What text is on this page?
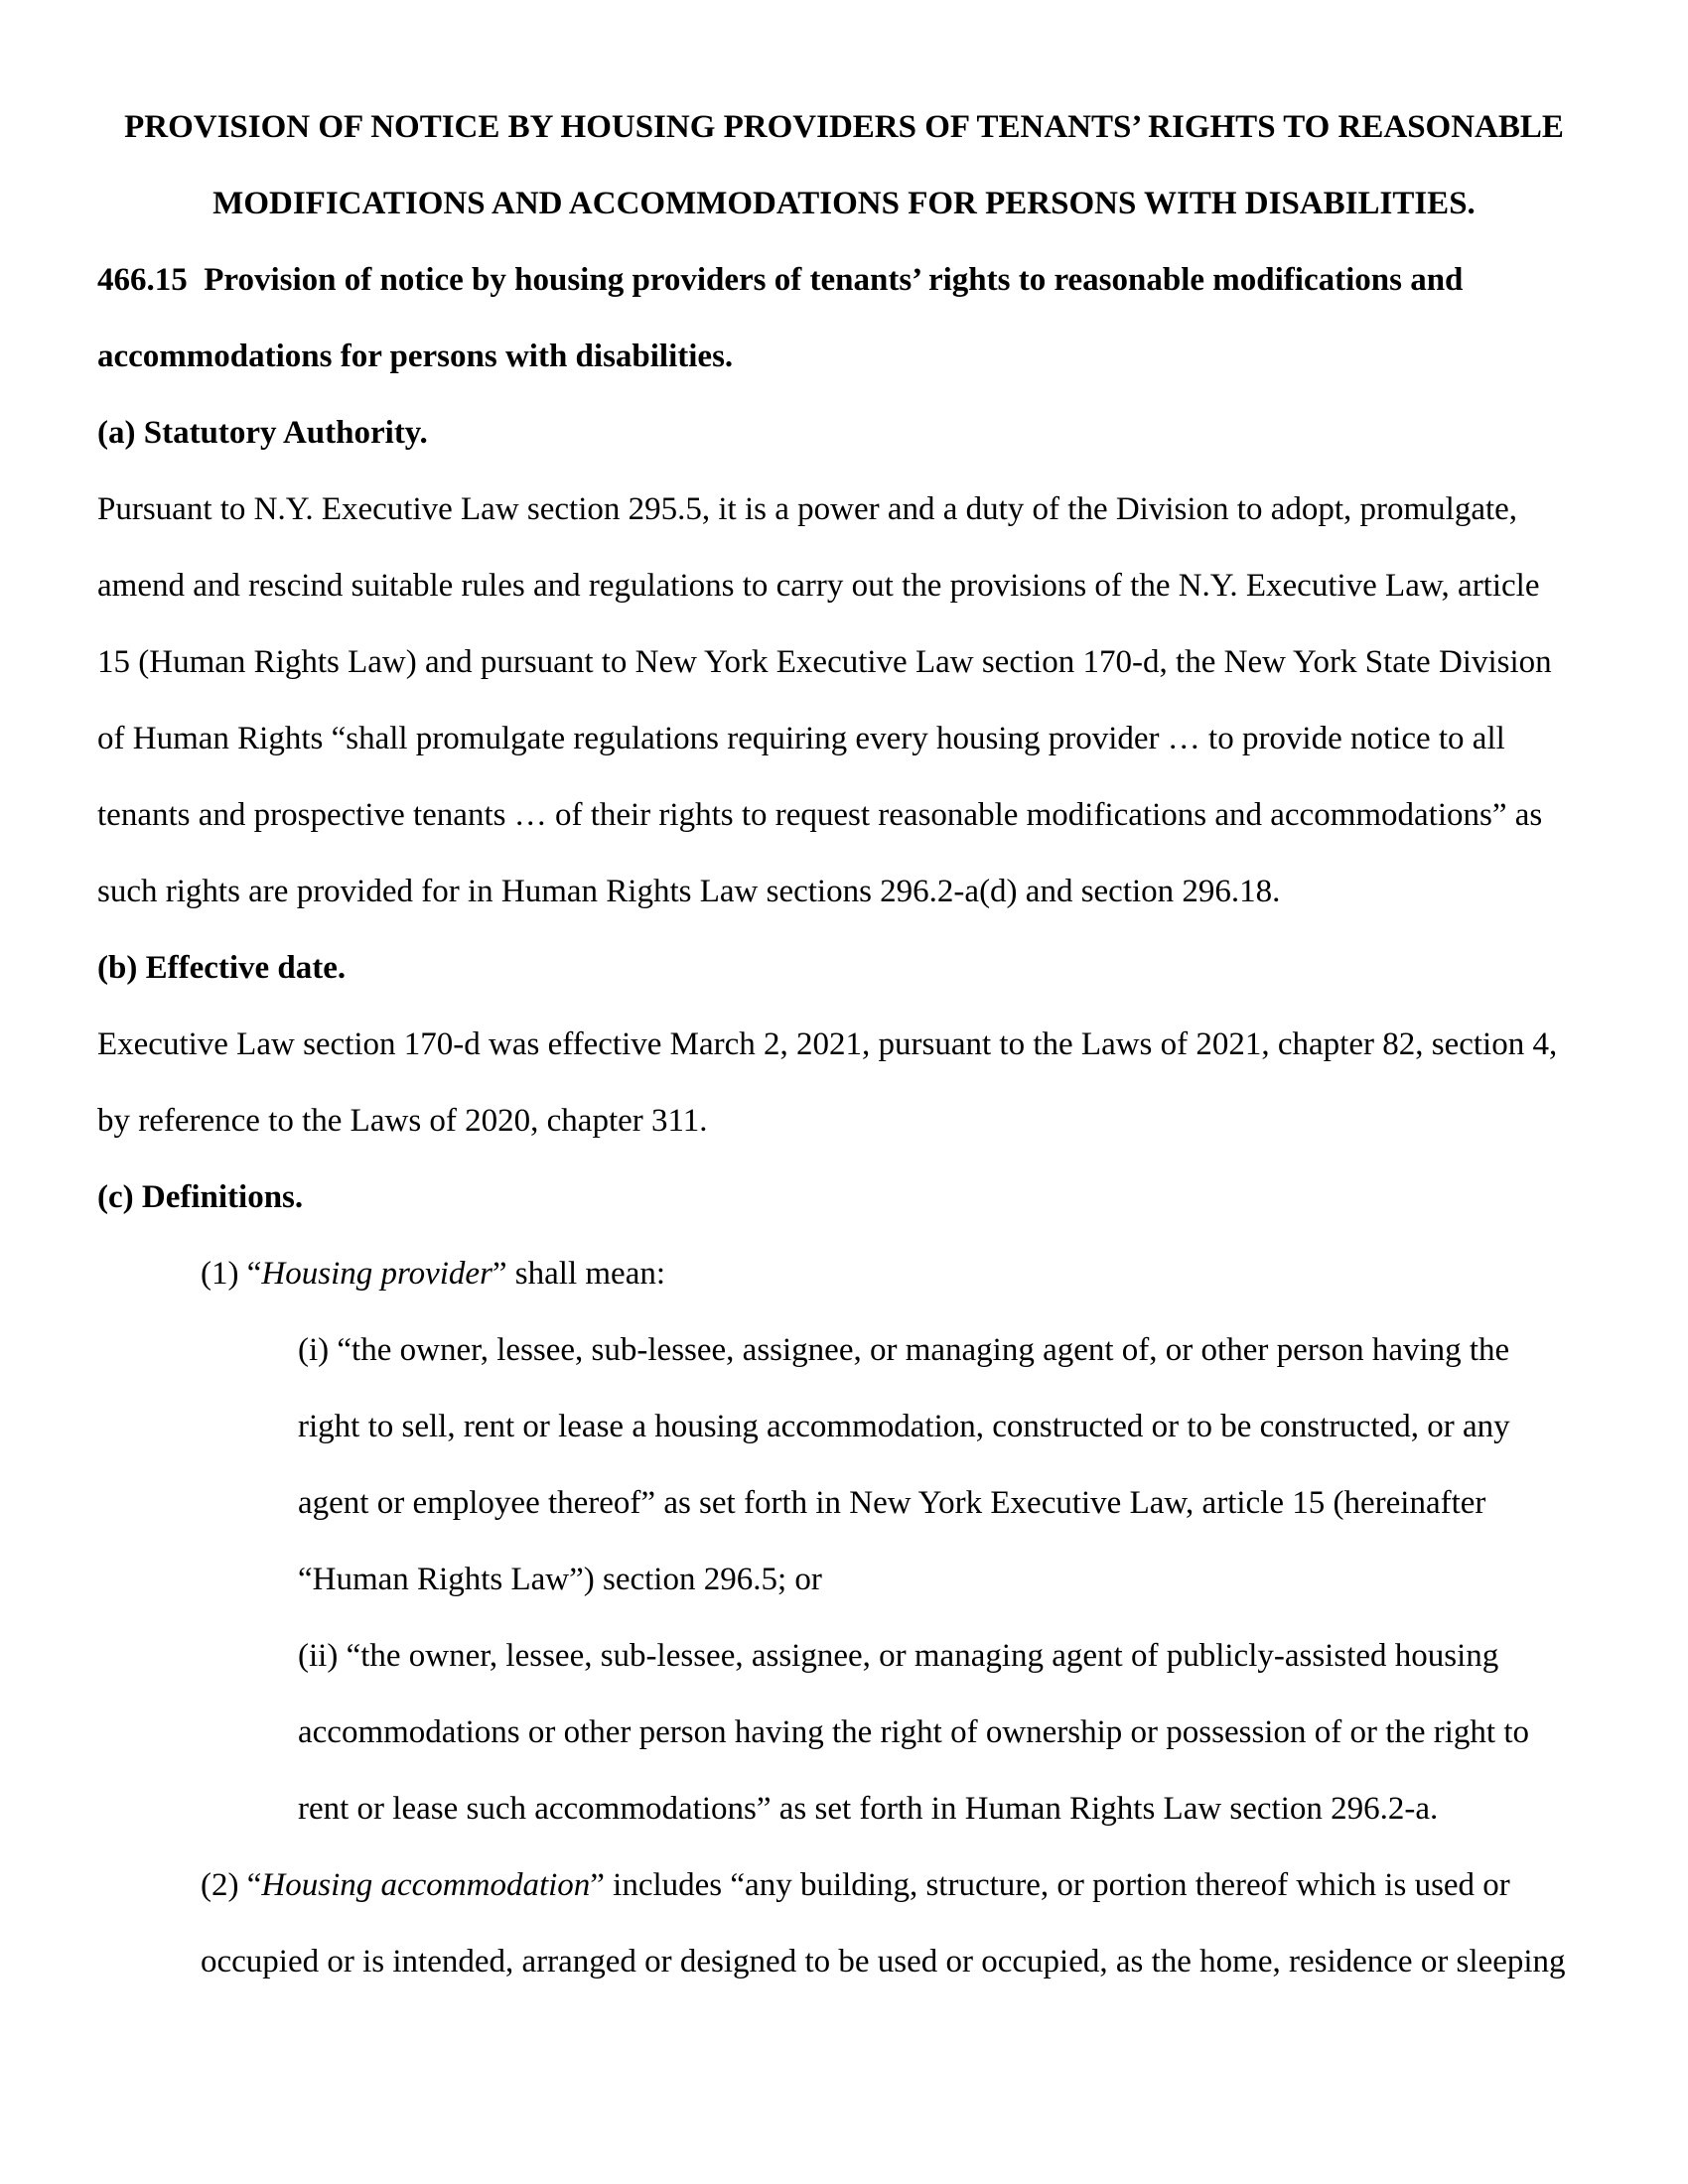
PROVISION OF NOTICE BY HOUSING PROVIDERS OF TENANTS’ RIGHTS TO REASONABLE
MODIFICATIONS AND ACCOMMODATIONS FOR PERSONS WITH DISABILITIES.
466.15  Provision of notice by housing providers of tenants’ rights to reasonable modifications and
accommodations for persons with disabilities.
(a) Statutory Authority.
Pursuant to N.Y. Executive Law section 295.5, it is a power and a duty of the Division to adopt, promulgate,
amend and rescind suitable rules and regulations to carry out the provisions of the N.Y. Executive Law, article
15 (Human Rights Law) and pursuant to New York Executive Law section 170-d, the New York State Division
of Human Rights “shall promulgate regulations requiring every housing provider … to provide notice to all
tenants and prospective tenants … of their rights to request reasonable modifications and accommodations” as
such rights are provided for in Human Rights Law sections 296.2-a(d) and section 296.18.
(b) Effective date.
Executive Law section 170-d was effective March 2, 2021, pursuant to the Laws of 2021, chapter 82, section 4,
by reference to the Laws of 2020, chapter 311.
(c) Definitions.
(1) “Housing provider” shall mean:
(i) “the owner, lessee, sub-lessee, assignee, or managing agent of, or other person having the
right to sell, rent or lease a housing accommodation, constructed or to be constructed, or any
agent or employee thereof” as set forth in New York Executive Law, article 15 (hereinafter
“Human Rights Law”) section 296.5; or
(ii) “the owner, lessee, sub-lessee, assignee, or managing agent of publicly-assisted housing
accommodations or other person having the right of ownership or possession of or the right to
rent or lease such accommodations” as set forth in Human Rights Law section 296.2-a.
(2) “Housing accommodation” includes “any building, structure, or portion thereof which is used or
occupied or is intended, arranged or designed to be used or occupied, as the home, residence or sleeping
